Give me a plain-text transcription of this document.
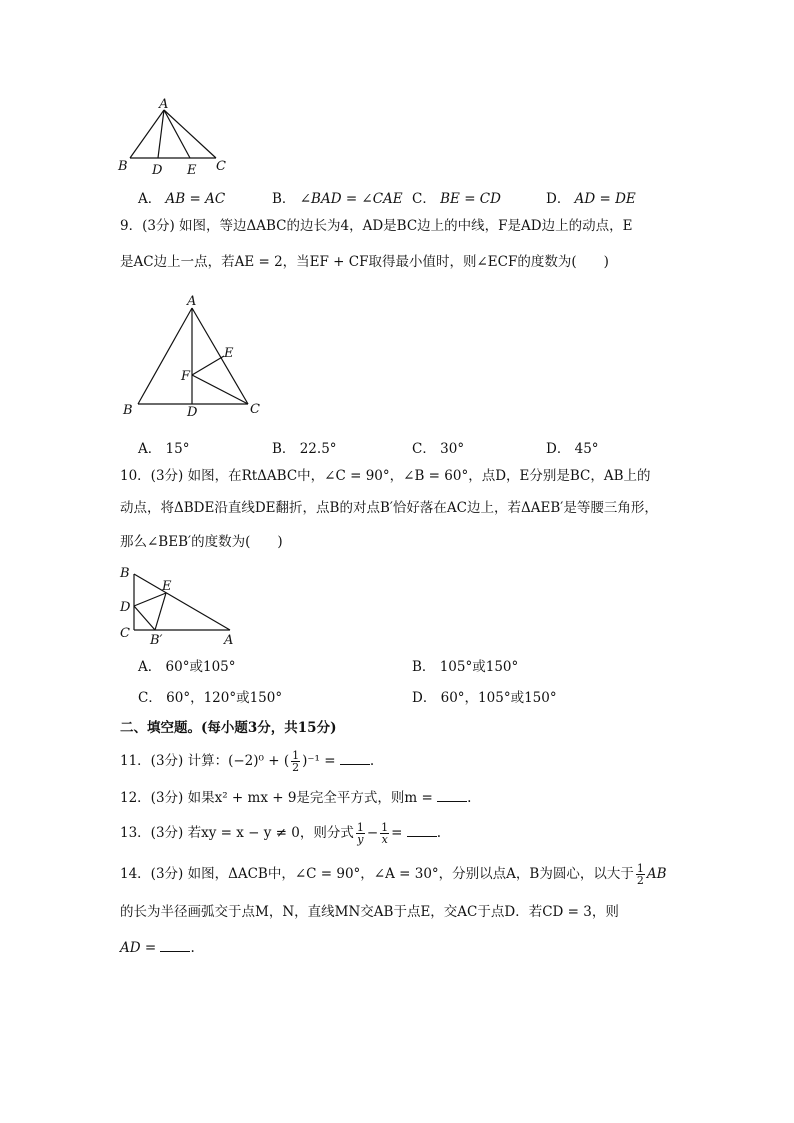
A
B D E C
A． AB = AC	B． ∠BAD = ∠CAE C． BE = CD	D． AD = DE
9．(3分) 如图，等边ΔABC的边长为4，AD是BC边上的中线，F是AD边上的动点，E
是AC边上一点，若AE = 2，当EF + CF取得最小值时，则∠ECF的度数为(　　)
A
E
F
B	D	C
A． 15°	B． 22.5°	C． 30°	D． 45°
10．(3分) 如图，在RtΔABC中，∠C = 90°，∠B = 60°，点D，E分别是BC，AB上的
动点，将ΔBDE沿直线DE翻折，点B的对点B′恰好落在AC边上，若ΔAEB′是等腰三角形，
那么∠BEB′的度数为(　　)
B
E
D
C B′	A
A． 60°或105°	B． 105°或150°
C． 60°，120°或150°	D． 60°，105°或150°
二、填空题。(每小题3分，共15分)
11．(3分) 计算：(−2)⁰ + ( $\frac{1}{2} )^{-1}$ =	.
12．(3分) 如果x² + mx + 9是完全平方式，则m =	.
13．(3分) 若xy = x − y ≠ 0，则分式 $\frac{1}{y} - \frac{1}{x}$ =	.
14．(3分) 如图，ΔACB中，∠C = 90°，∠A = 30°，分别以点A，B为圆心，以大于 $\frac{1}{2}$ AB
的长为半径画弧交于点M，N，直线MN交AB于点E，交AC于点D．若CD = 3，则
AD =	.
